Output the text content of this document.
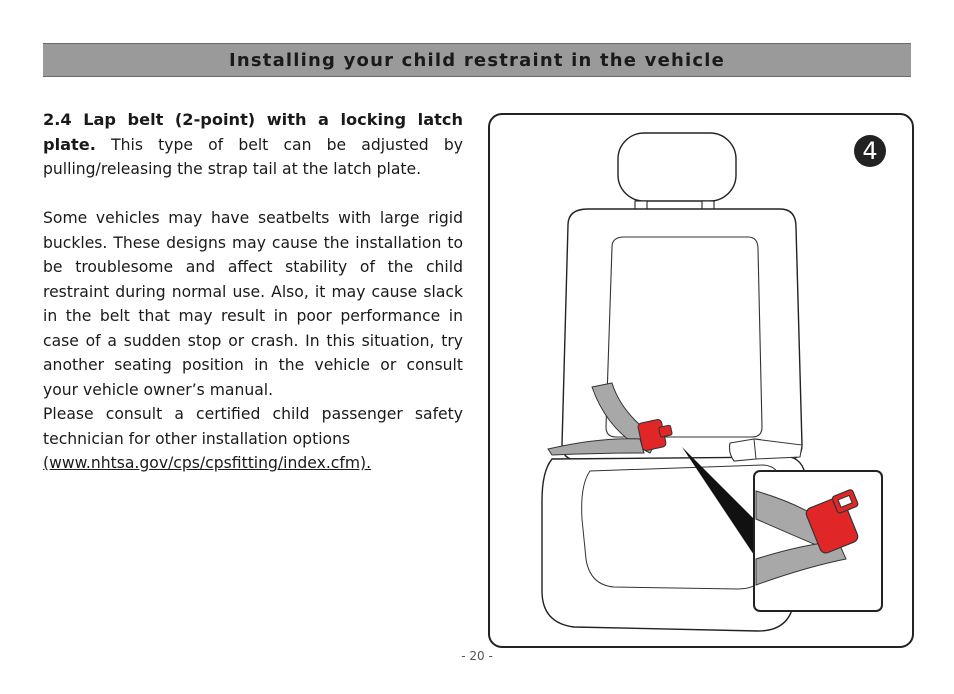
Installing your child restraint in the vehicle

2.4 Lap belt (2-point) with a locking latch plate. This type of belt can be adjusted by pulling/releasing the strap tail at the latch plate.

Some vehicles may have seatbelts with large rigid buckles. These designs may cause the installation to be troublesome and affect stability of the child restraint during normal use. Also, it may cause slack in the belt that may result in poor performance in case of a sudden stop or crash. In this situation, try another seating position in the vehicle or consult your vehicle owner’s manual.

Please consult a certified child passenger safety technician for other installation options

(www.nhtsa.gov/cps/cpsfitting/index.cfm).

4
- 20 -
